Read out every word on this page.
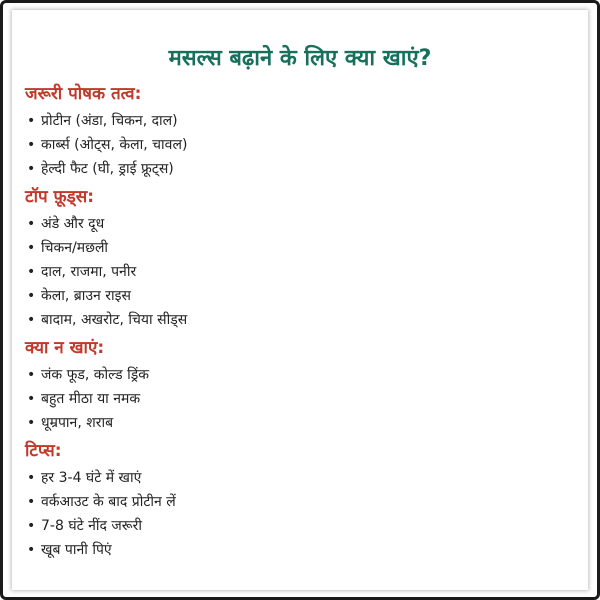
मसल्स बढ़ाने के लिए क्या खाएं?
जरूरी पोषक तत्व:
• प्रोटीन (अंडा, चिकन, दाल)
• कार्ब्स (ओट्स, केला, चावल)
• हेल्दी फैट (घी, ड्राई फ्रूट्स)
टॉप फ़ूड्स:
• अंडे और दूध
• चिकन/मछली
• दाल, राजमा, पनीर
• केला, ब्राउन राइस
• बादाम, अखरोट, चिया सीड्स
क्या न खाएं:
• जंक फूड, कोल्ड ड्रिंक
• बहुत मीठा या नमक
• धूम्रपान, शराब
टिप्स:
• हर 3-4 घंटे में खाएं
• वर्कआउट के बाद प्रोटीन लें
• 7-8 घंटे नींद जरूरी
• खूब पानी पिएं
